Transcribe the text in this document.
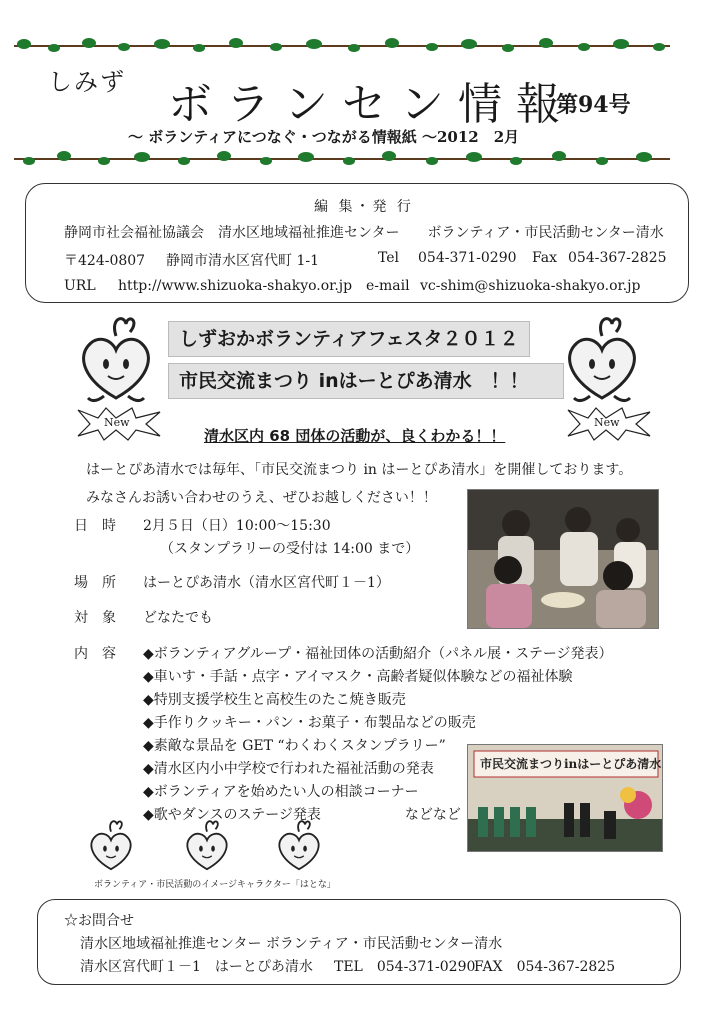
しみず ボランセン情報
第94号
～ ボランティアにつなぐ・つながる情報紙 ～2012　2月
編 集・発 行
静岡市社会福祉協議会　清水区地域福祉推進センター　　ボランティア・市民活動センター清水
〒424-0807 静岡市清水区宮代町 1-1	Tel 054-371-0290 Fax 054-367-2825
URL http://www.shizuoka-shakyo.or.jp e-mail vc-shim@shizuoka-shakyo.or.jp
しずおかボランティアフェスタ２０１２
市民交流まつり inはーとぴあ清水　！！
New	New
清水区内 68 団体の活動が、良くわかる！！
はーとぴあ清水では毎年、「市民交流まつり in はーとぴあ清水」を開催しております。
みなさんお誘い合わせのうえ、ぜひお越しください！！
日時 2月５日（日）10:00～15:30
（スタンプラリーの受付は 14:00 まで）
場所 はーとぴあ清水（清水区宮代町１－1）
対象 どなたでも
内容 ◆ボランティアグループ・福祉団体の活動紹介（パネル展・ステージ発表）
◆車いす・手話・点字・アイマスク・高齢者疑似体験などの福祉体験
◆特別支援学校生と高校生のたこ焼き販売
◆手作りクッキー・パン・お菓子・布製品などの販売
◆素敵な景品を GET “わくわくスタンプラリー”
◆清水区内小中学校で行われた福祉活動の発表
◆ボランティアを始めたい人の相談コーナー
◆歌やダンスのステージ発表　　　　　　などなど
市民交流まつりinはーとぴあ清水
ボランティア・市民活動のイメージキャラクター「はとな」
☆お問合せ
清水区地域福祉推進センター ボランティア・市民活動センター清水
清水区宮代町１－1　はーとぴあ清水 TEL　054-371-0290
FAX　054-367-2825
